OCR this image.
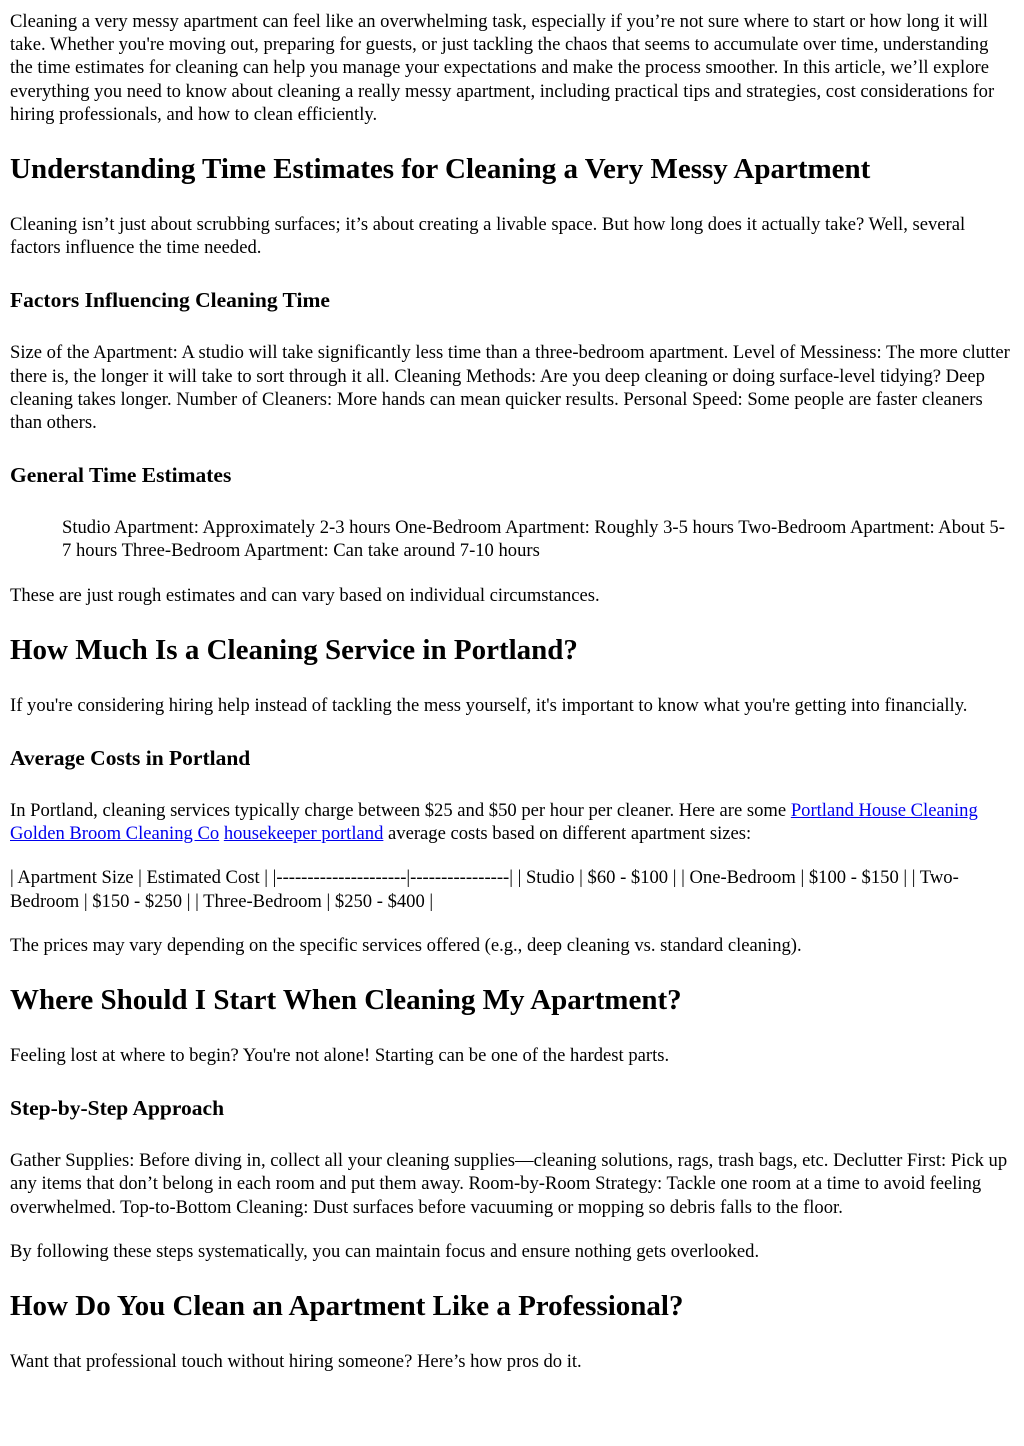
Cleaning a very messy apartment can feel like an overwhelming task, especially if you’re not sure where to start or how long it will take. Whether you're moving out, preparing for guests, or just tackling the chaos that seems to accumulate over time, understanding the time estimates for cleaning can help you manage your expectations and make the process smoother. In this article, we’ll explore everything you need to know about cleaning a really messy apartment, including practical tips and strategies, cost considerations for hiring professionals, and how to clean efficiently.

Understanding Time Estimates for Cleaning a Very Messy Apartment

Cleaning isn’t just about scrubbing surfaces; it’s about creating a livable space. But how long does it actually take? Well, several factors influence the time needed.

Factors Influencing Cleaning Time

Size of the Apartment: A studio will take significantly less time than a three-bedroom apartment. Level of Messiness: The more clutter there is, the longer it will take to sort through it all. Cleaning Methods: Are you deep cleaning or doing surface-level tidying? Deep cleaning takes longer. Number of Cleaners: More hands can mean quicker results. Personal Speed: Some people are faster cleaners than others.

General Time Estimates

Studio Apartment: Approximately 2-3 hours One-Bedroom Apartment: Roughly 3-5 hours Two-Bedroom Apartment: About 5-7 hours Three-Bedroom Apartment: Can take around 7-10 hours

These are just rough estimates and can vary based on individual circumstances.

How Much Is a Cleaning Service in Portland?

If you're considering hiring help instead of tackling the mess yourself, it's important to know what you're getting into financially.

Average Costs in Portland

In Portland, cleaning services typically charge between $25 and $50 per hour per cleaner. Here are some Portland House Cleaning Golden Broom Cleaning Co housekeeper portland average costs based on different apartment sizes:

| Apartment Size | Estimated Cost | |---------------------|----------------| | Studio | $60 - $100 | | One-Bedroom | $100 - $150 | | Two-Bedroom | $150 - $250 | | Three-Bedroom | $250 - $400 |

The prices may vary depending on the specific services offered (e.g., deep cleaning vs. standard cleaning).

Where Should I Start When Cleaning My Apartment?

Feeling lost at where to begin? You're not alone! Starting can be one of the hardest parts.

Step-by-Step Approach

Gather Supplies: Before diving in, collect all your cleaning supplies—cleaning solutions, rags, trash bags, etc. Declutter First: Pick up any items that don’t belong in each room and put them away. Room-by-Room Strategy: Tackle one room at a time to avoid feeling overwhelmed. Top-to-Bottom Cleaning: Dust surfaces before vacuuming or mopping so debris falls to the floor.

By following these steps systematically, you can maintain focus and ensure nothing gets overlooked.

How Do You Clean an Apartment Like a Professional?

Want that professional touch without hiring someone? Here’s how pros do it.
